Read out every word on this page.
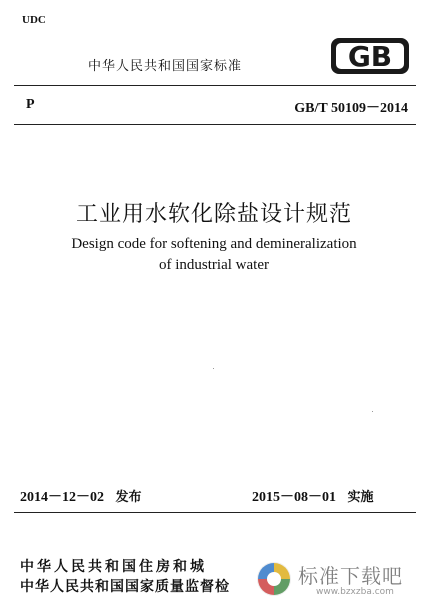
UDC
中华人民共和国国家标准	GB
P	GB/T 50109－2014
工业用水软化除盐设计规范
Design code for softening and demineralization
of industrial water
2014－12－02 发布	2015－08－01 实施
中华人民共和国住房和城
中华人民共和国国家质量监督检	标准下载吧
www.bzxzba.com
